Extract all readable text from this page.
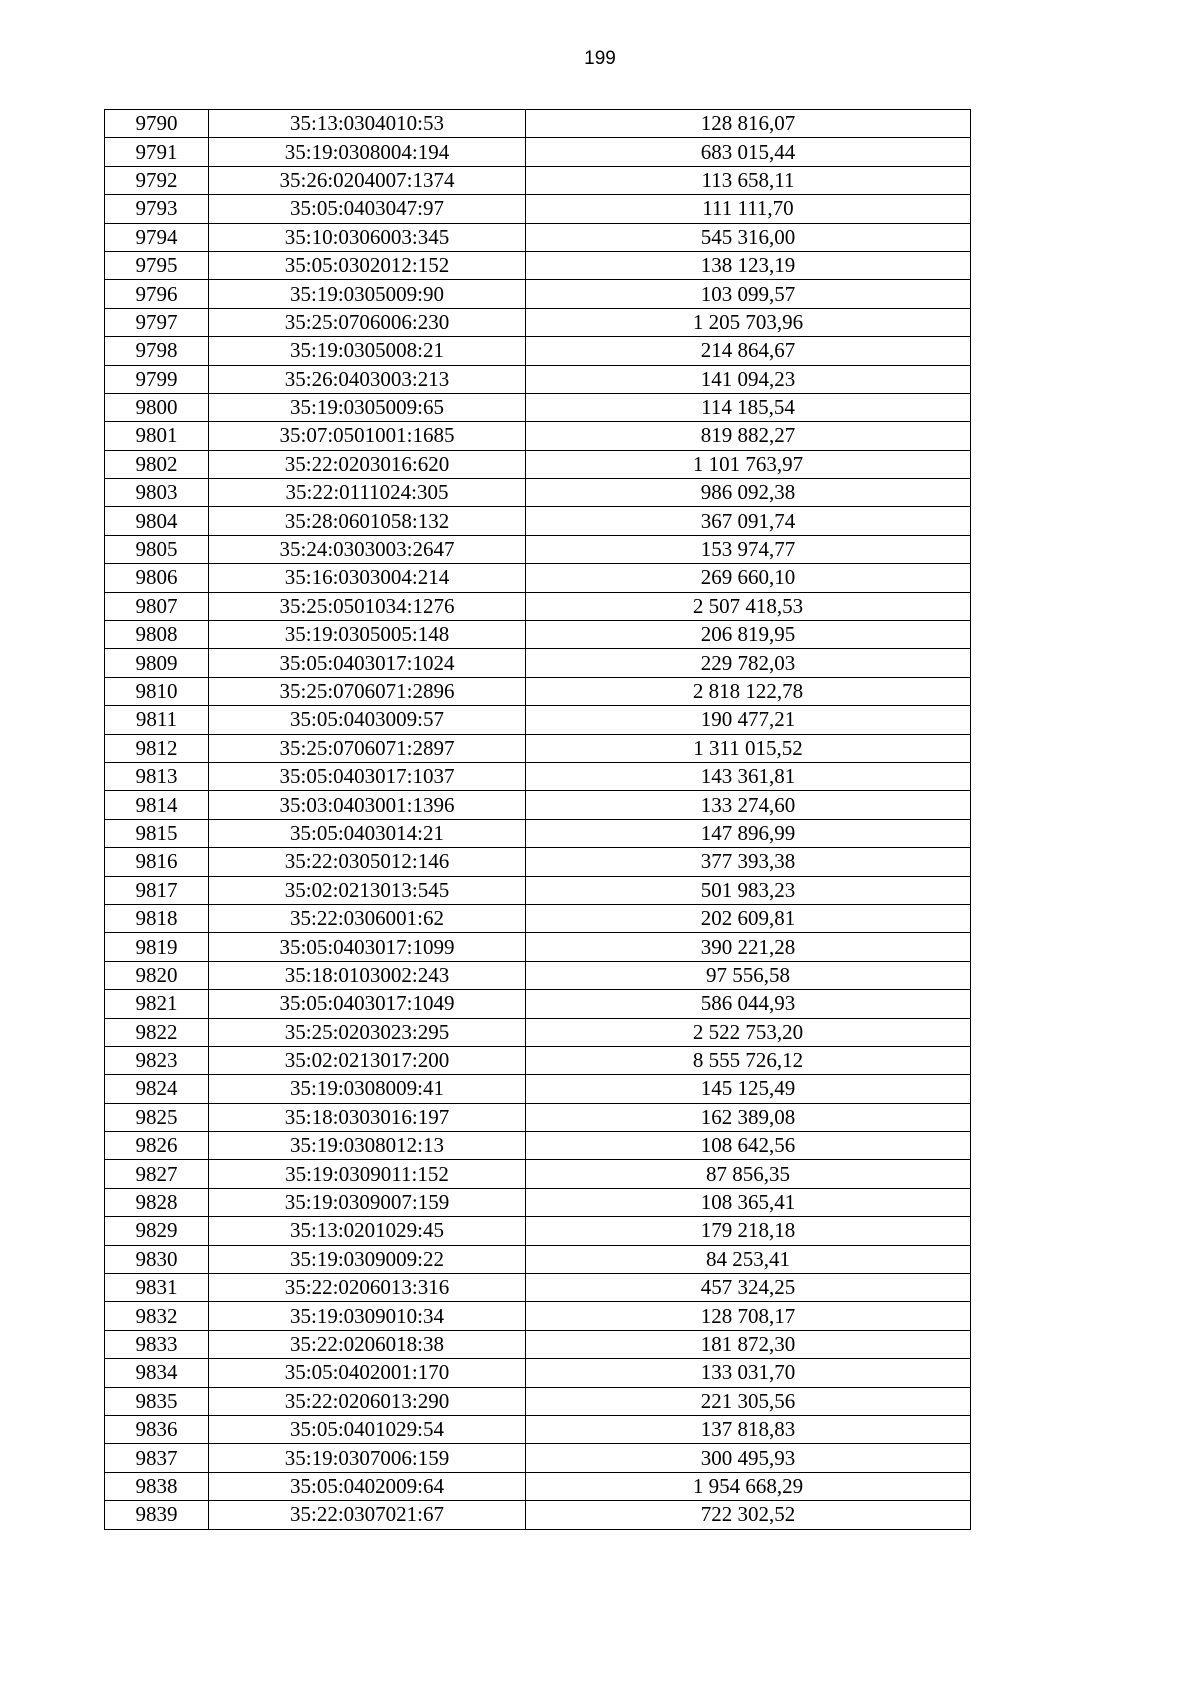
199
9790	35:13:0304010:53	128 816,07
9791	35:19:0308004:194	683 015,44
9792	35:26:0204007:1374	113 658,11
9793	35:05:0403047:97	111 111,70
9794	35:10:0306003:345	545 316,00
9795	35:05:0302012:152	138 123,19
9796	35:19:0305009:90	103 099,57
9797	35:25:0706006:230	1 205 703,96
9798	35:19:0305008:21	214 864,67
9799	35:26:0403003:213	141 094,23
9800	35:19:0305009:65	114 185,54
9801	35:07:0501001:1685	819 882,27
9802	35:22:0203016:620	1 101 763,97
9803	35:22:0111024:305	986 092,38
9804	35:28:0601058:132	367 091,74
9805	35:24:0303003:2647	153 974,77
9806	35:16:0303004:214	269 660,10
9807	35:25:0501034:1276	2 507 418,53
9808	35:19:0305005:148	206 819,95
9809	35:05:0403017:1024	229 782,03
9810	35:25:0706071:2896	2 818 122,78
9811	35:05:0403009:57	190 477,21
9812	35:25:0706071:2897	1 311 015,52
9813	35:05:0403017:1037	143 361,81
9814	35:03:0403001:1396	133 274,60
9815	35:05:0403014:21	147 896,99
9816	35:22:0305012:146	377 393,38
9817	35:02:0213013:545	501 983,23
9818	35:22:0306001:62	202 609,81
9819	35:05:0403017:1099	390 221,28
9820	35:18:0103002:243	97 556,58
9821	35:05:0403017:1049	586 044,93
9822	35:25:0203023:295	2 522 753,20
9823	35:02:0213017:200	8 555 726,12
9824	35:19:0308009:41	145 125,49
9825	35:18:0303016:197	162 389,08
9826	35:19:0308012:13	108 642,56
9827	35:19:0309011:152	87 856,35
9828	35:19:0309007:159	108 365,41
9829	35:13:0201029:45	179 218,18
9830	35:19:0309009:22	84 253,41
9831	35:22:0206013:316	457 324,25
9832	35:19:0309010:34	128 708,17
9833	35:22:0206018:38	181 872,30
9834	35:05:0402001:170	133 031,70
9835	35:22:0206013:290	221 305,56
9836	35:05:0401029:54	137 818,83
9837	35:19:0307006:159	300 495,93
9838	35:05:0402009:64	1 954 668,29
9839	35:22:0307021:67	722 302,52
